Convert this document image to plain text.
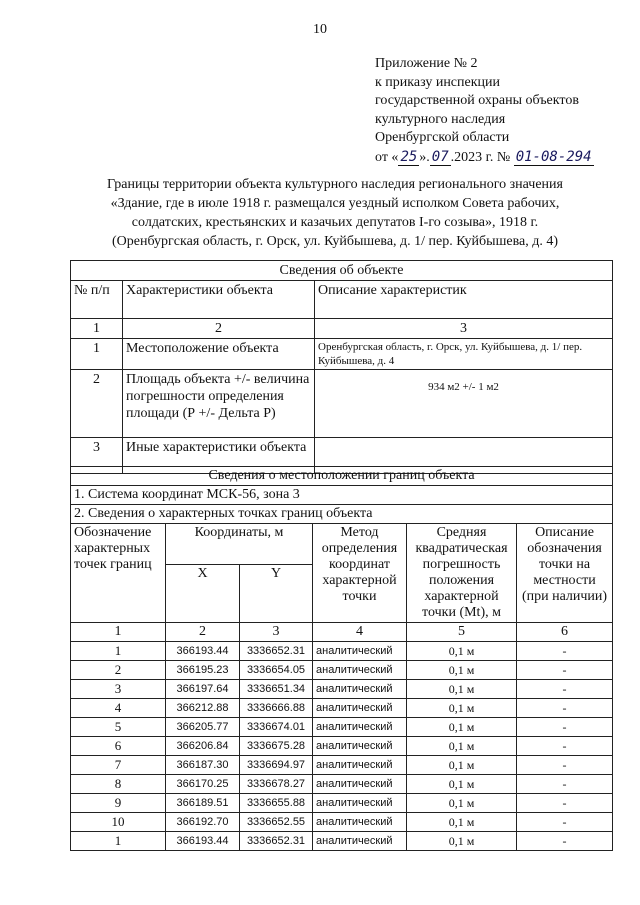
10
Приложение № 2
к приказу инспекции
государственной охраны объектов
культурного наследия
Оренбургской области
от « 25 ». 07 .2023 г. № 01-08-294
Границы территории объекта культурного наследия регионального значения
«Здание, где в июле 1918 г. размещался уездный исполком Совета рабочих,
солдатских, крестьянских и казачьих депутатов I-го созыва», 1918 г.
(Оренбургская область, г. Орск, ул. Куйбышева, д. 1/ пер. Куйбышева, д. 4)
Сведения об объекте		
№ п/п	Характеристики объекта	Описание характеристик
1	2	3
1	Местоположение объекта	Оренбургская область, г. Орск, ул. Куйбышева, д. 1/ пер. Куйбышева, д. 4
2	Площадь объекта +/- величина погрешности определения площади (Р +/- Дельта Р)	934 м2 +/- 1 м2
3	Иные характеристики объекта	
Сведения о местоположении границ объекта					
1. Система координат МСК-56, зона 3					
2. Сведения о характерных точках границ объекта					
Обозначение характерных точек границ	Координаты, м		Метод определения координат характерной точки	Средняя квадратическая погрешность положения характерной точки (Mt), м	Описание обозначения точки на местности (при наличии)
	X	Y			
1	2	3	4	5	6
1	366193.44	3336652.31	аналитический	0,1 м	-
2	366195.23	3336654.05	аналитический	0,1 м	-
3	366197.64	3336651.34	аналитический	0,1 м	-
4	366212.88	3336666.88	аналитический	0,1 м	-
5	366205.77	3336674.01	аналитический	0,1 м	-
6	366206.84	3336675.28	аналитический	0,1 м	-
7	366187.30	3336694.97	аналитический	0,1 м	-
8	366170.25	3336678.27	аналитический	0,1 м	-
9	366189.51	3336655.88	аналитический	0,1 м	-
10	366192.70	3336652.55	аналитический	0,1 м	-
1	366193.44	3336652.31	аналитический	0,1 м	-
